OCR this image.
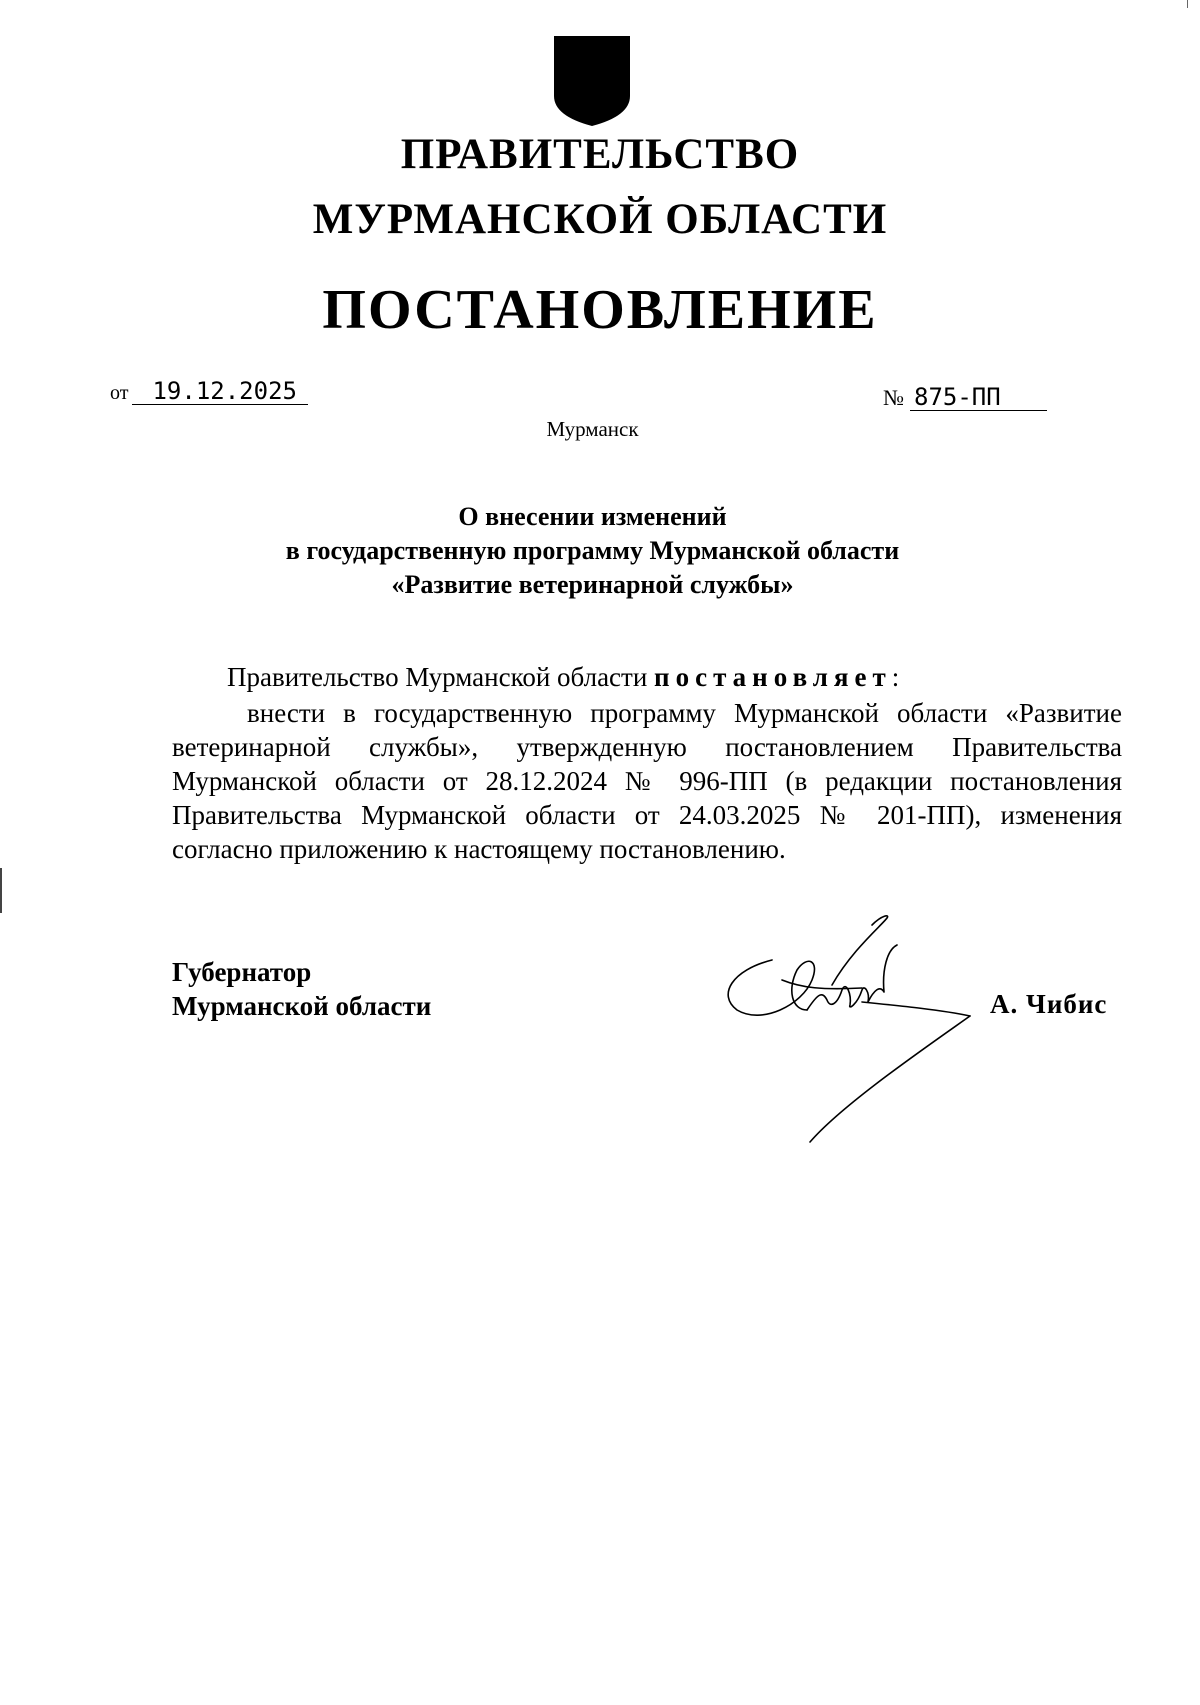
ПРАВИТЕЛЬСТВО
МУРМАНСКОЙ ОБЛАСТИ
ПОСТАНОВЛЕНИЕ
от	19.12.2025	№ 875-ПП
Мурманск
О внесении изменений
в государственную программу Мурманской области
«Развитие ветеринарной службы»

Правительство Мурманской области постановляет:

внести в государственную программу Мурманской области «Развитие ветеринарной службы», утвержденную постановлением Правительства Мурманской области от 28.12.2024 № 996-ПП (в редакции постановления Правительства Мурманской области от 24.03.2025 № 201-ПП), изменения согласно приложению к настоящему постановлению.

Губернатор
Мурманской области	А. Чибис
